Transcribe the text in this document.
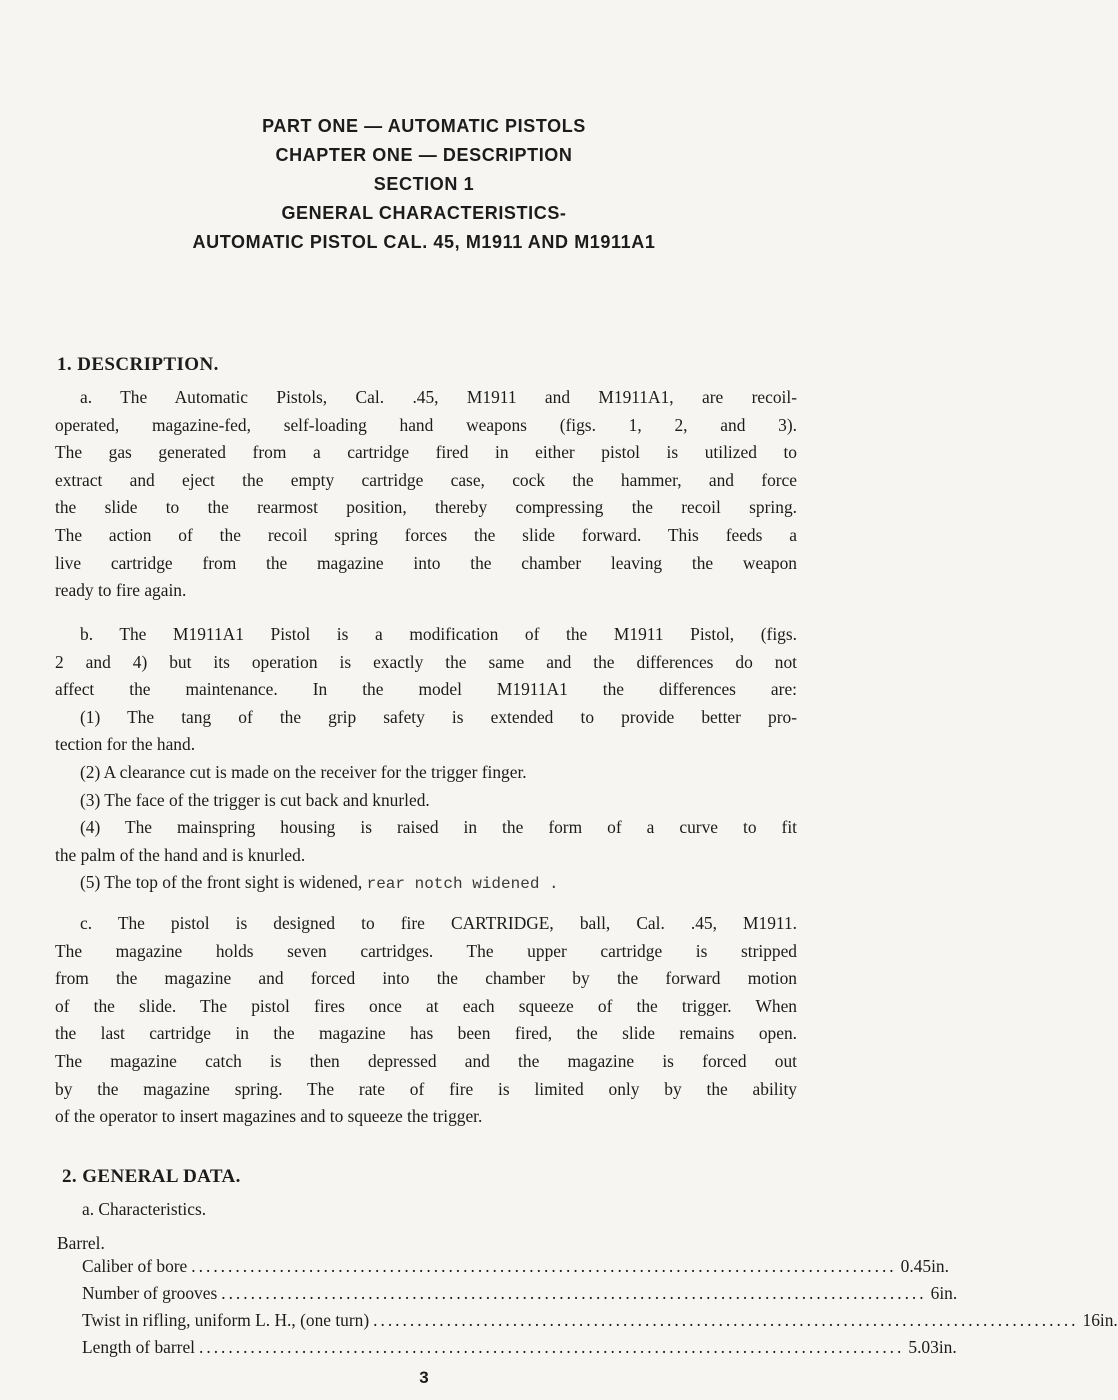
PART ONE — AUTOMATIC PISTOLS
CHAPTER ONE — DESCRIPTION
SECTION 1
GENERAL CHARACTERISTICS-
AUTOMATIC PISTOL CAL. 45, M1911 AND M1911A1
1. DESCRIPTION.
a. The Automatic Pistols, Cal. .45, M1911 and M1911A1, are recoil-
operated, magazine-fed, self-loading hand weapons (figs. 1, 2, and 3).
The gas generated from a cartridge fired in either pistol is utilized to
extract and eject the empty cartridge case, cock the hammer, and force
the slide to the rearmost position, thereby compressing the recoil spring.
The action of the recoil spring forces the slide forward. This feeds a
live cartridge from the magazine into the chamber leaving the weapon
ready to fire again.
b. The M1911A1 Pistol is a modification of the M1911 Pistol, (figs.
2 and 4) but its operation is exactly the same and the differences do not
affect the maintenance. In the model M1911A1 the differences are:
(1) The tang of the grip safety is extended to provide better pro-
tection for the hand.
(2) A clearance cut is made on the receiver for the trigger finger.
(3) The face of the trigger is cut back and knurled.
(4) The mainspring housing is raised in the form of a curve to fit
the palm of the hand and is knurled.
(5) The top of the front sight is widened, rear notch widened .
c. The pistol is designed to fire CARTRIDGE, ball, Cal. .45, M1911.
The magazine holds seven cartridges. The upper cartridge is stripped
from the magazine and forced into the chamber by the forward motion
of the slide. The pistol fires once at each squeeze of the trigger. When
the last cartridge in the magazine has been fired, the slide remains open.
The magazine catch is then depressed and the magazine is forced out
by the magazine spring. The rate of fire is limited only by the ability
of the operator to insert magazines and to squeeze the trigger.
2. GENERAL DATA.
a. Characteristics.
Barrel.
Caliber of bore ................................................................................................ 0.45 in.
Number of grooves ................................................................................................ 6 in.
Twist in rifling, uniform L. H., (one turn) ................................................................................................ 16 in.
Length of barrel ................................................................................................ 5.03 in.
3
